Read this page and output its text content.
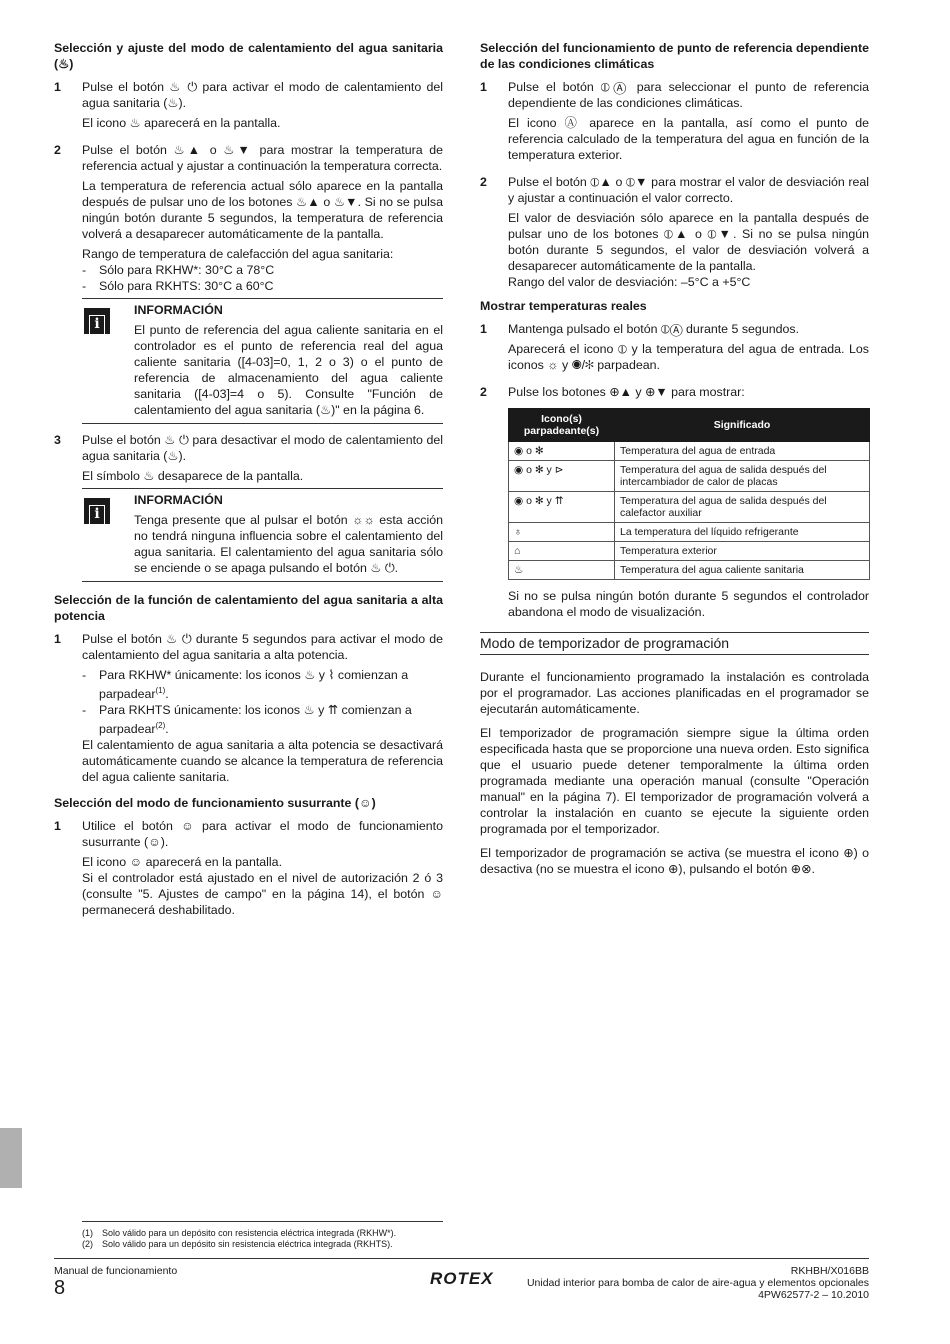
Selección y ajuste del modo de calentamiento del agua sanitaria (♨)
1 Pulse el botón ♨ ⏻ para activar el modo de calentamiento del agua sanitaria (♨).
El icono ♨ aparecerá en la pantalla.
2 Pulse el botón ♨▲ o ♨▼ para mostrar la temperatura de referencia actual y ajustar a continuación la temperatura correcta.
La temperatura de referencia actual sólo aparece en la pantalla después de pulsar uno de los botones ♨▲ o ♨▼. Si no se pulsa ningún botón durante 5 segundos, la temperatura de referencia volverá a desaparecer automáticamente de la pantalla.
Rango de temperatura de calefacción del agua sanitaria:
- Sólo para RKHW*: 30°C a 78°C
- Sólo para RKHTS: 30°C a 60°C
i
INFORMACIÓN
El punto de referencia del agua caliente sanitaria en el controlador es el punto de referencia real del agua caliente sanitaria ([4-03]=0, 1, 2 o 3) o el punto de referencia de almacenamiento del agua caliente sanitaria ([4-03]=4 o 5). Consulte "Función de calentamiento del agua sanitaria (♨)" en la página 6.
3 Pulse el botón ♨ ⏻ para desactivar el modo de calentamiento del agua sanitaria (♨).
El símbolo ♨ desaparece de la pantalla.
i
INFORMACIÓN
Tenga presente que al pulsar el botón ☼☼ esta acción no tendrá ninguna influencia sobre el calentamiento del agua sanitaria. El calentamiento del agua sanitaria sólo se enciende o se apaga pulsando el botón ♨ ⏻.
Selección de la función de calentamiento del agua sanitaria a alta potencia
1 Pulse el botón ♨ ⏻ durante 5 segundos para activar el modo de calentamiento del agua sanitaria a alta potencia.
- Para RKHW* únicamente: los iconos ♨ y ⌇ comienzan a parpadear$^{(1)}$.
- Para RKHTS únicamente: los iconos ♨ y ⇈ comienzan a parpadear$^{(2)}$.
El calentamiento de agua sanitaria a alta potencia se desactivará automáticamente cuando se alcance la temperatura de referencia del agua caliente sanitaria.
Selección del modo de funcionamiento susurrante (☺)
1 Utilice el botón ☺ para activar el modo de funcionamiento susurrante (☺).
El icono ☺ aparecerá en la pantalla.
Si el controlador está ajustado en el nivel de autorización 2 ó 3 (consulte "5. Ajustes de campo" en la página 14), el botón ☺ permanecerá deshabilitado.
Selección del funcionamiento de punto de referencia dependiente de las condiciones climáticas
1 Pulse el botón ⦶Ⓐ para seleccionar el punto de referencia dependiente de las condiciones climáticas.
El icono Ⓐ aparece en la pantalla, así como el punto de referencia calculado de la temperatura del agua en función de la temperatura exterior.
2 Pulse el botón ⦶▲ o ⦶▼ para mostrar el valor de desviación real y ajustar a continuación el valor correcto.
El valor de desviación sólo aparece en la pantalla después de pulsar uno de los botones ⦶▲ o ⦶▼. Si no se pulsa ningún botón durante 5 segundos, el valor de desviación volverá a desaparecer automáticamente de la pantalla.
Rango del valor de desviación: –5°C a +5°C
Mostrar temperaturas reales
1 Mantenga pulsado el botón ⦶Ⓐ durante 5 segundos.
Aparecerá el icono ⦶ y la temperatura del agua de entrada. Los iconos ☼ y ◉/✻ parpadean.
2 Pulse los botones ⊕▲ y ⊕▼ para mostrar:
Icono(s) parpadeante(s)	Significado
◉ o ✻	Temperatura del agua de entrada
◉ o ✻ y ⊳	Temperatura del agua de salida después del intercambiador de calor de placas
◉ o ✻ y ⇈	Temperatura del agua de salida después del calefactor auxiliar
♁	La temperatura del líquido refrigerante
⌂	Temperatura exterior
♨	Temperatura del agua caliente sanitaria
Si no se pulsa ningún botón durante 5 segundos el controlador abandona el modo de visualización.
Modo de temporizador de programación
Durante el funcionamiento programado la instalación es controlada por el programador. Las acciones planificadas en el programador se ejecutarán automáticamente.
El temporizador de programación siempre sigue la última orden especificada hasta que se proporcione una nueva orden. Esto significa que el usuario puede detener temporalmente la última orden programada mediante una operación manual (consulte "Operación manual" en la página 7). El temporizador de programación volverá a controlar la instalación en cuanto se ejecute la siguiente orden programada por el temporizador.
El temporizador de programación se activa (se muestra el icono ⊕) o desactiva (no se muestra el icono ⊕), pulsando el botón ⊕⊗.
(1) Solo válido para un depósito con resistencia eléctrica integrada (RKHW*).
(2) Solo válido para un depósito sin resistencia eléctrica integrada (RKHTS).
Manual de funcionamiento
8	ROTEX	RKHBH/X016BB
Unidad interior para bomba de calor de aire-agua y elementos opcionales
4PW62577-2 – 10.2010
